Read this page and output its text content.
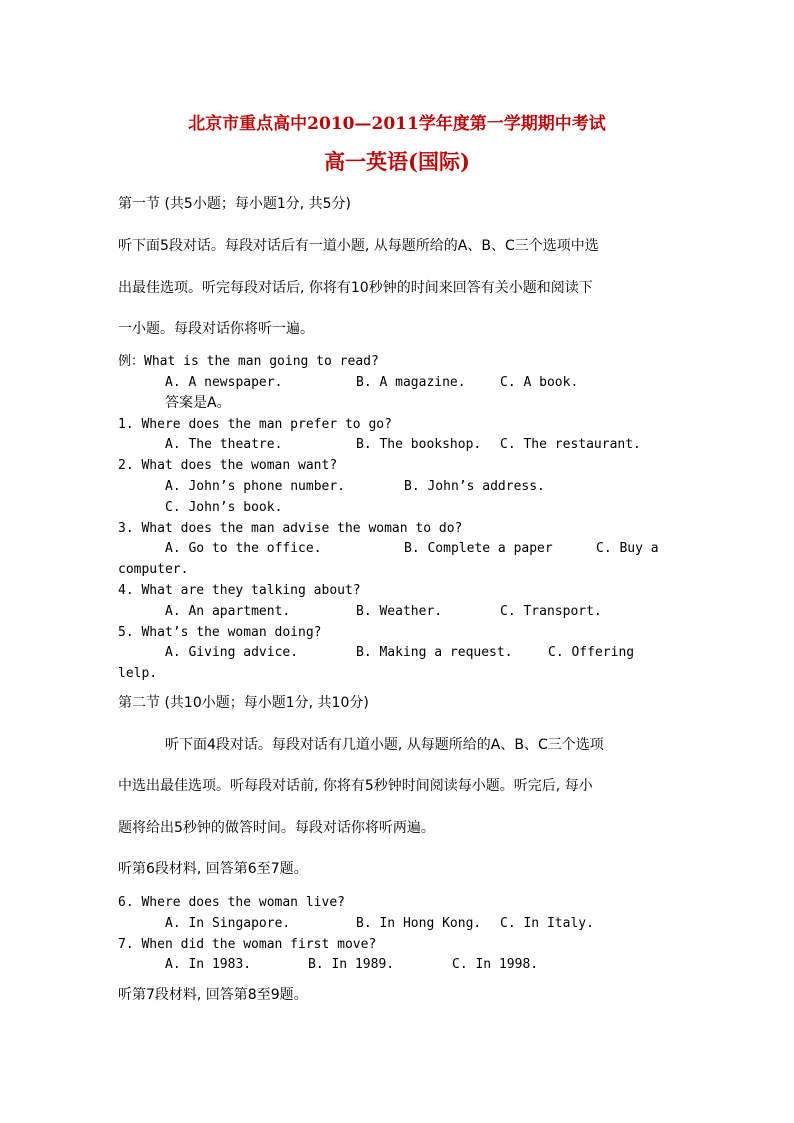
北京市重点高中2010—2011学年度第一学期期中考试
高一英语(国际)
第一节 (共5小题；每小题1分, 共5分)
听下面5段对话。每段对话后有一道小题, 从每题所给的A、B、C三个选项中选
出最佳选项。听完每段对话后, 你将有10秒钟的时间来回答有关小题和阅读下
一小题。每段对话你将听一遍。
例：What is the man going to read?
A. A newspaper.	B. A magazine.	C. A book.
答案是A。
1. Where does the man prefer to go?
A. The theatre.	B. The bookshop. C. The restaurant.
2. What does the woman want?
A. John’s phone number.	B. John’s address.
C. John’s book.
3. What does the man advise the woman to do?
A. Go to the office.	B. Complete a paper	C. Buy a
computer.
4. What are they talking about?
A. An apartment.	B. Weather.	C. Transport.
5. What’s the woman doing?
A. Giving advice.	B. Making a request.	C. Offering
lelp.
第二节 (共10小题；每小题1分, 共10分)
听下面4段对话。每段对话有几道小题, 从每题所给的A、B、C三个选项
中选出最佳选项。听每段对话前, 你将有5秒钟时间阅读每小题。听完后, 每小
题将给出5秒钟的做答时间。每段对话你将听两遍。
听第6段材料, 回答第6至7题。
6. Where does the woman live?
A. In Singapore.	B. In Hong Kong. C. In Italy.
7. When did the woman first move?
A. In 1983.	B. In 1989.	C. In 1998.
听第7段材料, 回答第8至9题。
